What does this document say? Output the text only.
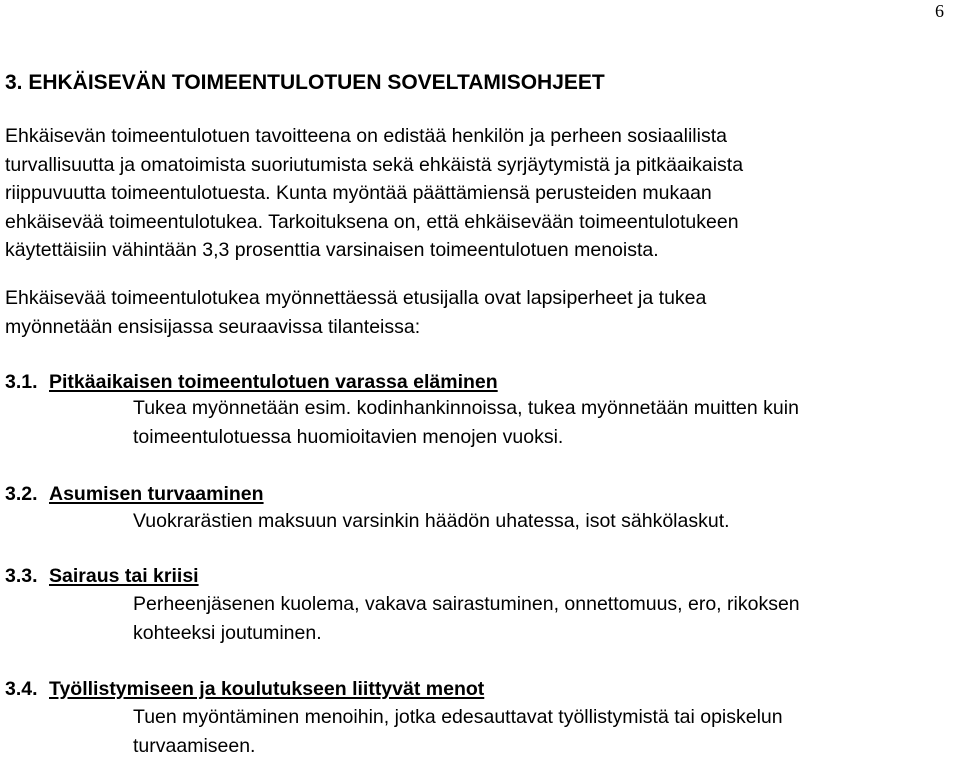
6
3. EHKÄISEVÄN TOIMEENTULOTUEN SOVELTAMISOHJEET
Ehkäisevän toimeentulotuen tavoitteena on edistää henkilön ja perheen sosiaalilista
turvallisuutta ja omatoimista suoriutumista sekä ehkäistä syrjäytymistä ja pitkäaikaista
riippuvuutta toimeentulotuesta. Kunta myöntää päättämiensä perusteiden mukaan
ehkäisevää toimeentulotukea. Tarkoituksena on, että ehkäisevään toimeentulotukeen
käytettäisiin vähintään 3,3 prosenttia varsinaisen toimeentulotuen menoista.
Ehkäisevää toimeentulotukea myönnettäessä etusijalla ovat lapsiperheet ja tukea
myönnetään ensisijassa seuraavissa tilanteissa:
3.1. Pitkäaikaisen toimeentulotuen varassa eläminen
Tukea myönnetään esim. kodinhankinnoissa, tukea myönnetään muitten kuin
toimeentulotuessa huomioitavien menojen vuoksi.
3.2. Asumisen turvaaminen
Vuokrarästien maksuun varsinkin häädön uhatessa, isot sähkölaskut.
3.3. Sairaus tai kriisi
Perheenjäsenen kuolema, vakava sairastuminen, onnettomuus, ero, rikoksen
kohteeksi joutuminen.
3.4. Työllistymiseen ja koulutukseen liittyvät menot
Tuen myöntäminen menoihin, jotka edesauttavat työllistymistä tai opiskelun
turvaamiseen.
